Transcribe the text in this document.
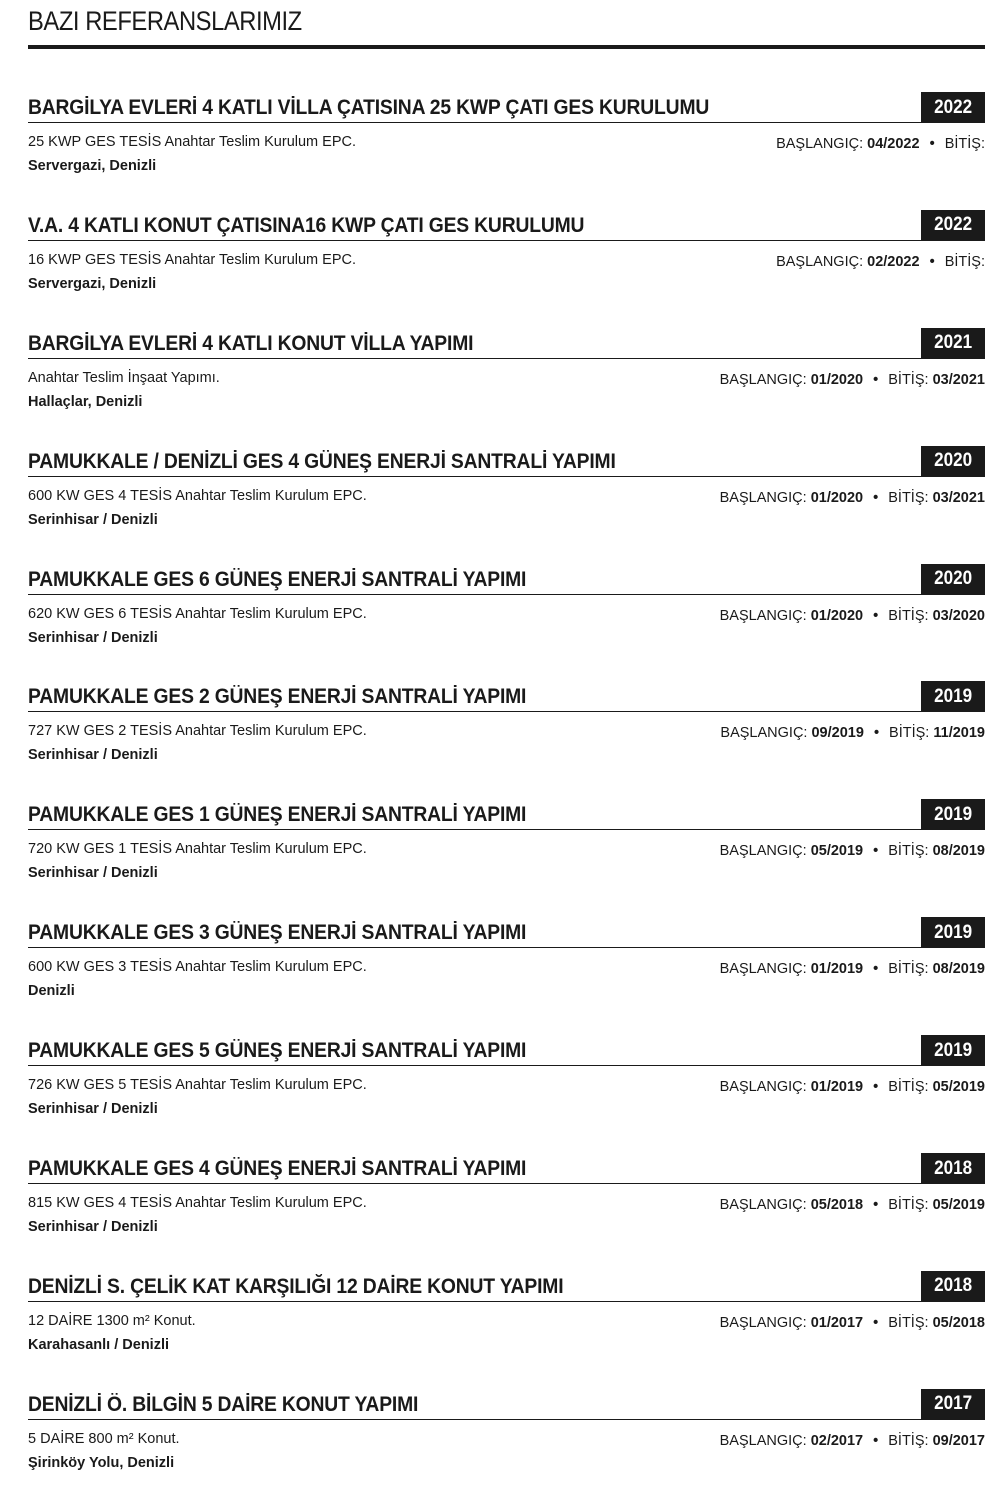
BAZI REFERANSLARIMIZ
BARGİLYA EVLERİ 4 KATLI VİLLA ÇATISINA 25 KWP ÇATI GES KURULUMU	2022
25 KWP GES TESİS Anahtar Teslim Kurulum EPC.
Servergazi, Denizli
BAŞLANGIÇ: 04/2022 • BİTİŞ:
V.A. 4 KATLI KONUT ÇATISINA16 KWP ÇATI GES KURULUMU	2022
16 KWP GES TESİS Anahtar Teslim Kurulum EPC.
Servergazi, Denizli
BAŞLANGIÇ: 02/2022 • BİTİŞ:
BARGİLYA EVLERİ 4 KATLI KONUT VİLLA YAPIMI	2021
Anahtar Teslim İnşaat Yapımı.
Hallaçlar, Denizli
BAŞLANGIÇ: 01/2020 • BİTİŞ: 03/2021
PAMUKKALE / DENİZLİ GES 4 GÜNEŞ ENERJİ SANTRALİ YAPIMI	2020
600 KW GES 4 TESİS Anahtar Teslim Kurulum EPC.
Serinhisar / Denizli
BAŞLANGIÇ: 01/2020 • BİTİŞ: 03/2021
PAMUKKALE GES 6 GÜNEŞ ENERJİ SANTRALİ YAPIMI	2020
620 KW GES 6 TESİS Anahtar Teslim Kurulum EPC.
Serinhisar / Denizli
BAŞLANGIÇ: 01/2020 • BİTİŞ: 03/2020
PAMUKKALE GES 2 GÜNEŞ ENERJİ SANTRALİ YAPIMI	2019
727 KW GES 2 TESİS Anahtar Teslim Kurulum EPC.
Serinhisar / Denizli
BAŞLANGIÇ: 09/2019 • BİTİŞ: 11/2019
PAMUKKALE GES 1 GÜNEŞ ENERJİ SANTRALİ YAPIMI	2019
720 KW GES 1 TESİS Anahtar Teslim Kurulum EPC.
Serinhisar / Denizli
BAŞLANGIÇ: 05/2019 • BİTİŞ: 08/2019
PAMUKKALE GES 3 GÜNEŞ ENERJİ SANTRALİ YAPIMI	2019
600 KW GES 3 TESİS Anahtar Teslim Kurulum EPC.
Denizli
BAŞLANGIÇ: 01/2019 • BİTİŞ: 08/2019
PAMUKKALE GES 5 GÜNEŞ ENERJİ SANTRALİ YAPIMI	2019
726 KW GES 5 TESİS Anahtar Teslim Kurulum EPC.
Serinhisar / Denizli
BAŞLANGIÇ: 01/2019 • BİTİŞ: 05/2019
PAMUKKALE GES 4 GÜNEŞ ENERJİ SANTRALİ YAPIMI	2018
815 KW GES 4 TESİS Anahtar Teslim Kurulum EPC.
Serinhisar / Denizli
BAŞLANGIÇ: 05/2018 • BİTİŞ: 05/2019
DENİZLİ S. ÇELİK KAT KARŞILIĞI 12 DAİRE KONUT YAPIMI	2018
12 DAİRE 1300 m² Konut.
Karahasanlı / Denizli
BAŞLANGIÇ: 01/2017 • BİTİŞ: 05/2018
DENİZLİ Ö. BİLGİN 5 DAİRE KONUT YAPIMI	2017
5 DAİRE 800 m² Konut.
Şirinköy Yolu, Denizli
BAŞLANGIÇ: 02/2017 • BİTİŞ: 09/2017
